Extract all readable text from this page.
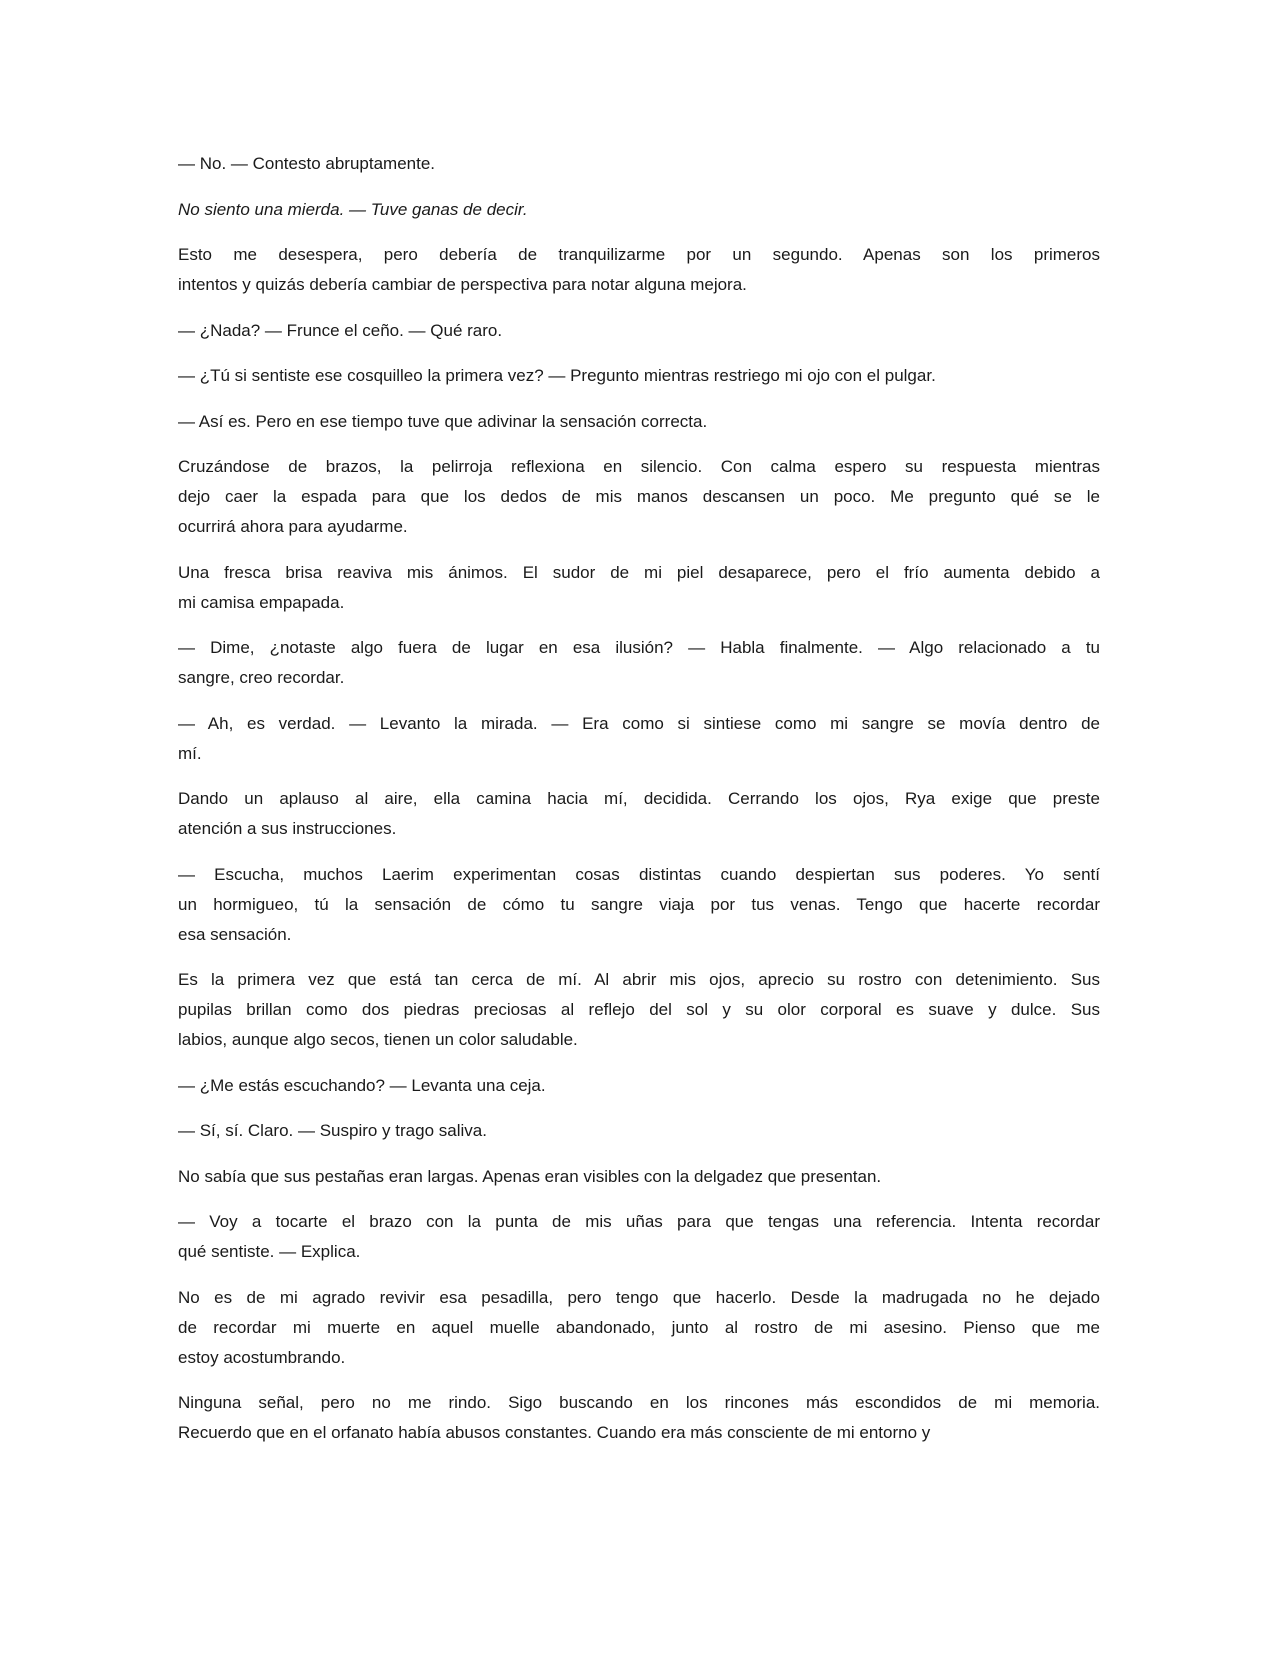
— No. — Contesto abruptamente.
No siento una mierda. — Tuve ganas de decir.
Esto me desespera, pero debería de tranquilizarme por un segundo. Apenas son los primeros
intentos y quizás debería cambiar de perspectiva para notar alguna mejora.
— ¿Nada? — Frunce el ceño. — Qué raro.
— ¿Tú si sentiste ese cosquilleo la primera vez? — Pregunto mientras restriego mi ojo con el pulgar.
— Así es. Pero en ese tiempo tuve que adivinar la sensación correcta.
Cruzándose de brazos, la pelirroja reflexiona en silencio. Con calma espero su respuesta mientras
dejo caer la espada para que los dedos de mis manos descansen un poco. Me pregunto qué se le
ocurrirá ahora para ayudarme.
Una fresca brisa reaviva mis ánimos. El sudor de mi piel desaparece, pero el frío aumenta debido a
mi camisa empapada.
— Dime, ¿notaste algo fuera de lugar en esa ilusión? — Habla finalmente. — Algo relacionado a tu
sangre, creo recordar.
— Ah, es verdad. — Levanto la mirada. — Era como si sintiese como mi sangre se movía dentro de
mí.
Dando un aplauso al aire, ella camina hacia mí, decidida. Cerrando los ojos, Rya exige que preste
atención a sus instrucciones.
— Escucha, muchos Laerim experimentan cosas distintas cuando despiertan sus poderes. Yo sentí
un hormigueo, tú la sensación de cómo tu sangre viaja por tus venas. Tengo que hacerte recordar
esa sensación.
Es la primera vez que está tan cerca de mí. Al abrir mis ojos, aprecio su rostro con detenimiento. Sus
pupilas brillan como dos piedras preciosas al reflejo del sol y su olor corporal es suave y dulce. Sus
labios, aunque algo secos, tienen un color saludable.
— ¿Me estás escuchando? — Levanta una ceja.
— Sí, sí. Claro. — Suspiro y trago saliva.
No sabía que sus pestañas eran largas. Apenas eran visibles con la delgadez que presentan.
— Voy a tocarte el brazo con la punta de mis uñas para que tengas una referencia. Intenta recordar
qué sentiste. — Explica.
No es de mi agrado revivir esa pesadilla, pero tengo que hacerlo. Desde la madrugada no he dejado
de recordar mi muerte en aquel muelle abandonado, junto al rostro de mi asesino. Pienso que me
estoy acostumbrando.
Ninguna señal, pero no me rindo. Sigo buscando en los rincones más escondidos de mi memoria.
Recuerdo que en el orfanato había abusos constantes. Cuando era más consciente de mi entorno y
